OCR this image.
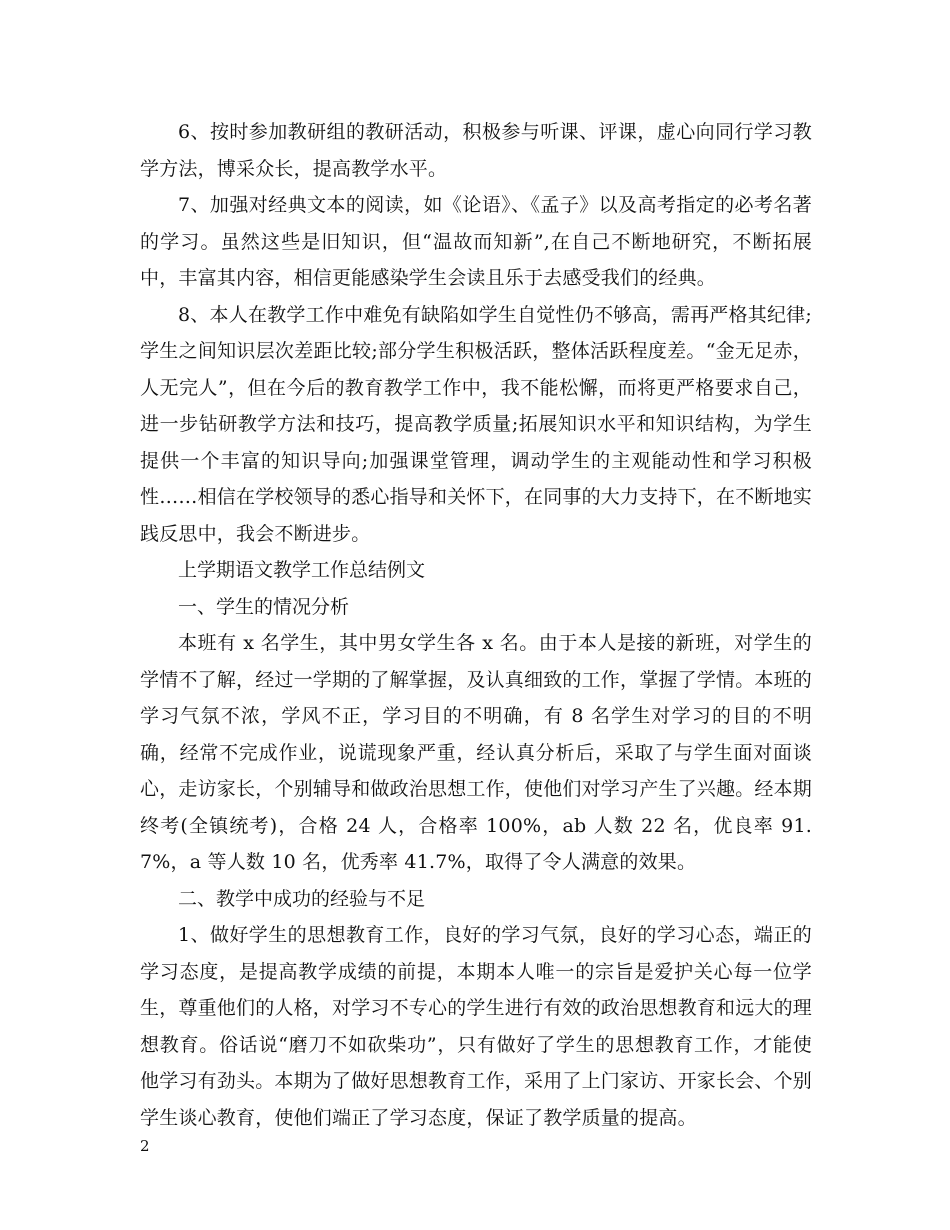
6、按时参加教研组的教研活动，积极参与听课、评课，虚心向同行学习教学方法，博采众长，提高教学水平。

7、加强对经典文本的阅读，如《论语》、《孟子》以及高考指定的必考名著的学习。虽然这些是旧知识，但“温故而知新”,在自己不断地研究，不断拓展中，丰富其内容，相信更能感染学生会读且乐于去感受我们的经典。

8、本人在教学工作中难免有缺陷如学生自觉性仍不够高，需再严格其纪律;学生之间知识层次差距比较;部分学生积极活跃，整体活跃程度差。“金无足赤，人无完人”，但在今后的教育教学工作中，我不能松懈，而将更严格要求自己，进一步钻研教学方法和技巧，提高教学质量;拓展知识水平和知识结构，为学生提供一个丰富的知识导向;加强课堂管理，调动学生的主观能动性和学习积极性……相信在学校领导的悉心指导和关怀下，在同事的大力支持下，在不断地实践反思中，我会不断进步。

上学期语文教学工作总结例文

一、学生的情况分析

本班有 x 名学生，其中男女学生各 x 名。由于本人是接的新班，对学生的学情不了解，经过一学期的了解掌握，及认真细致的工作，掌握了学情。本班的学习气氛不浓，学风不正，学习目的不明确，有 8 名学生对学习的目的不明确，经常不完成作业，说谎现象严重，经认真分析后，采取了与学生面对面谈心，走访家长，个别辅导和做政治思想工作，使他们对学习产生了兴趣。经本期终考(全镇统考)，合格 24 人，合格率 100%，ab 人数 22 名，优良率 91.7%，a 等人数 10 名，优秀率 41.7%，取得了令人满意的效果。

二、教学中成功的经验与不足

1、做好学生的思想教育工作，良好的学习气氛，良好的学习心态，端正的学习态度，是提高教学成绩的前提，本期本人唯一的宗旨是爱护关心每一位学生，尊重他们的人格，对学习不专心的学生进行有效的政治思想教育和远大的理想教育。俗话说“磨刀不如砍柴功”，只有做好了学生的思想教育工作，才能使他学习有劲头。本期为了做好思想教育工作，采用了上门家访、开家长会、个别学生谈心教育，使他们端正了学习态度，保证了教学质量的提高。

2
